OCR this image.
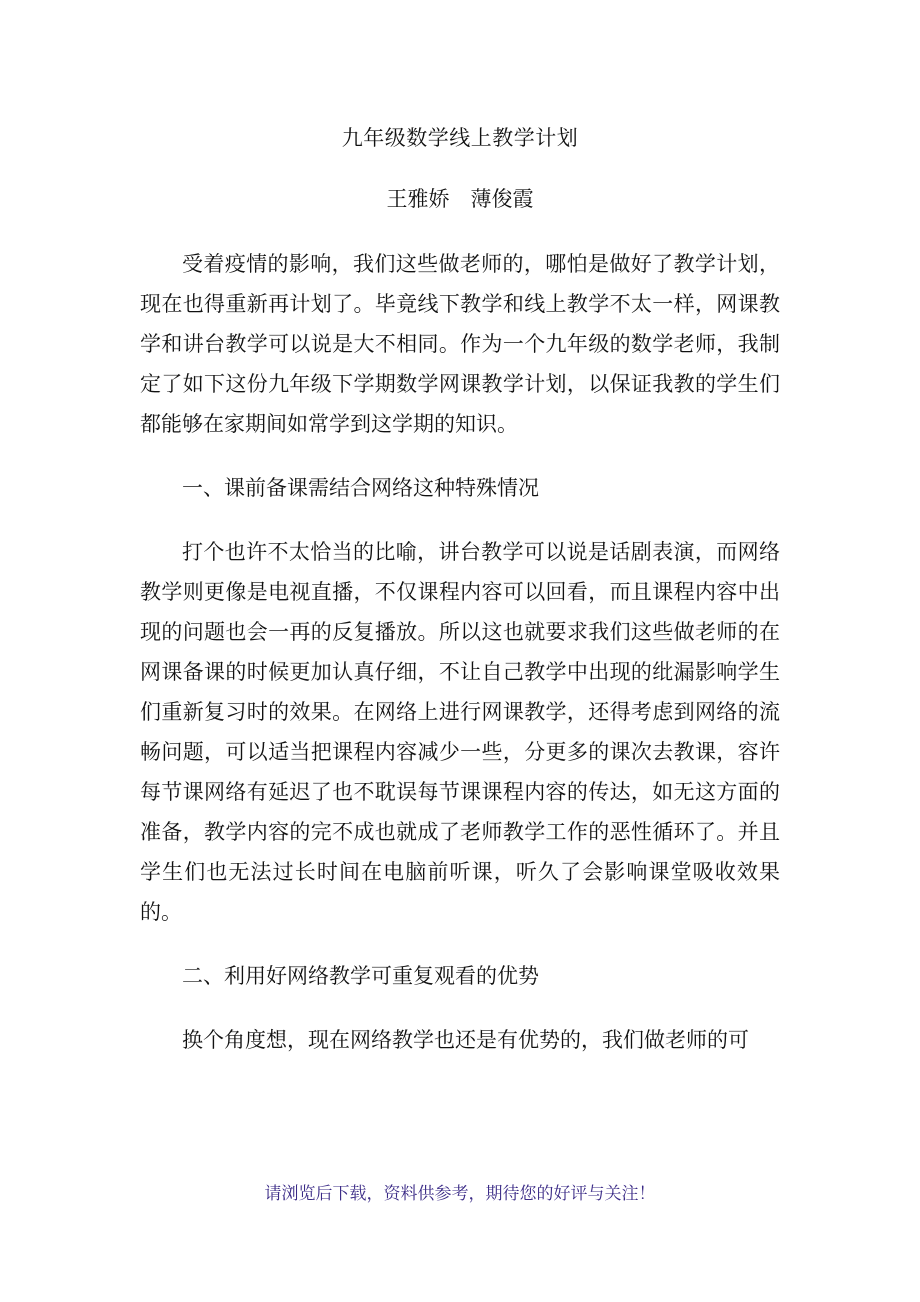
九年级数学线上教学计划

王雅娇　薄俊霞

受着疫情的影响，我们这些做老师的，哪怕是做好了教学计划，现在也得重新再计划了。毕竟线下教学和线上教学不太一样，网课教学和讲台教学可以说是大不相同。作为一个九年级的数学老师，我制定了如下这份九年级下学期数学网课教学计划，以保证我教的学生们都能够在家期间如常学到这学期的知识。

一、课前备课需结合网络这种特殊情况

打个也许不太恰当的比喻，讲台教学可以说是话剧表演，而网络教学则更像是电视直播，不仅课程内容可以回看，而且课程内容中出现的问题也会一再的反复播放。所以这也就要求我们这些做老师的在网课备课的时候更加认真仔细，不让自己教学中出现的纰漏影响学生们重新复习时的效果。在网络上进行网课教学，还得考虑到网络的流畅问题，可以适当把课程内容减少一些，分更多的课次去教课，容许每节课网络有延迟了也不耽误每节课课程内容的传达，如无这方面的准备，教学内容的完不成也就成了老师教学工作的恶性循环了。并且学生们也无法过长时间在电脑前听课，听久了会影响课堂吸收效果的。

二、利用好网络教学可重复观看的优势

换个角度想，现在网络教学也还是有优势的，我们做老师的可

请浏览后下载，资料供参考，期待您的好评与关注！
